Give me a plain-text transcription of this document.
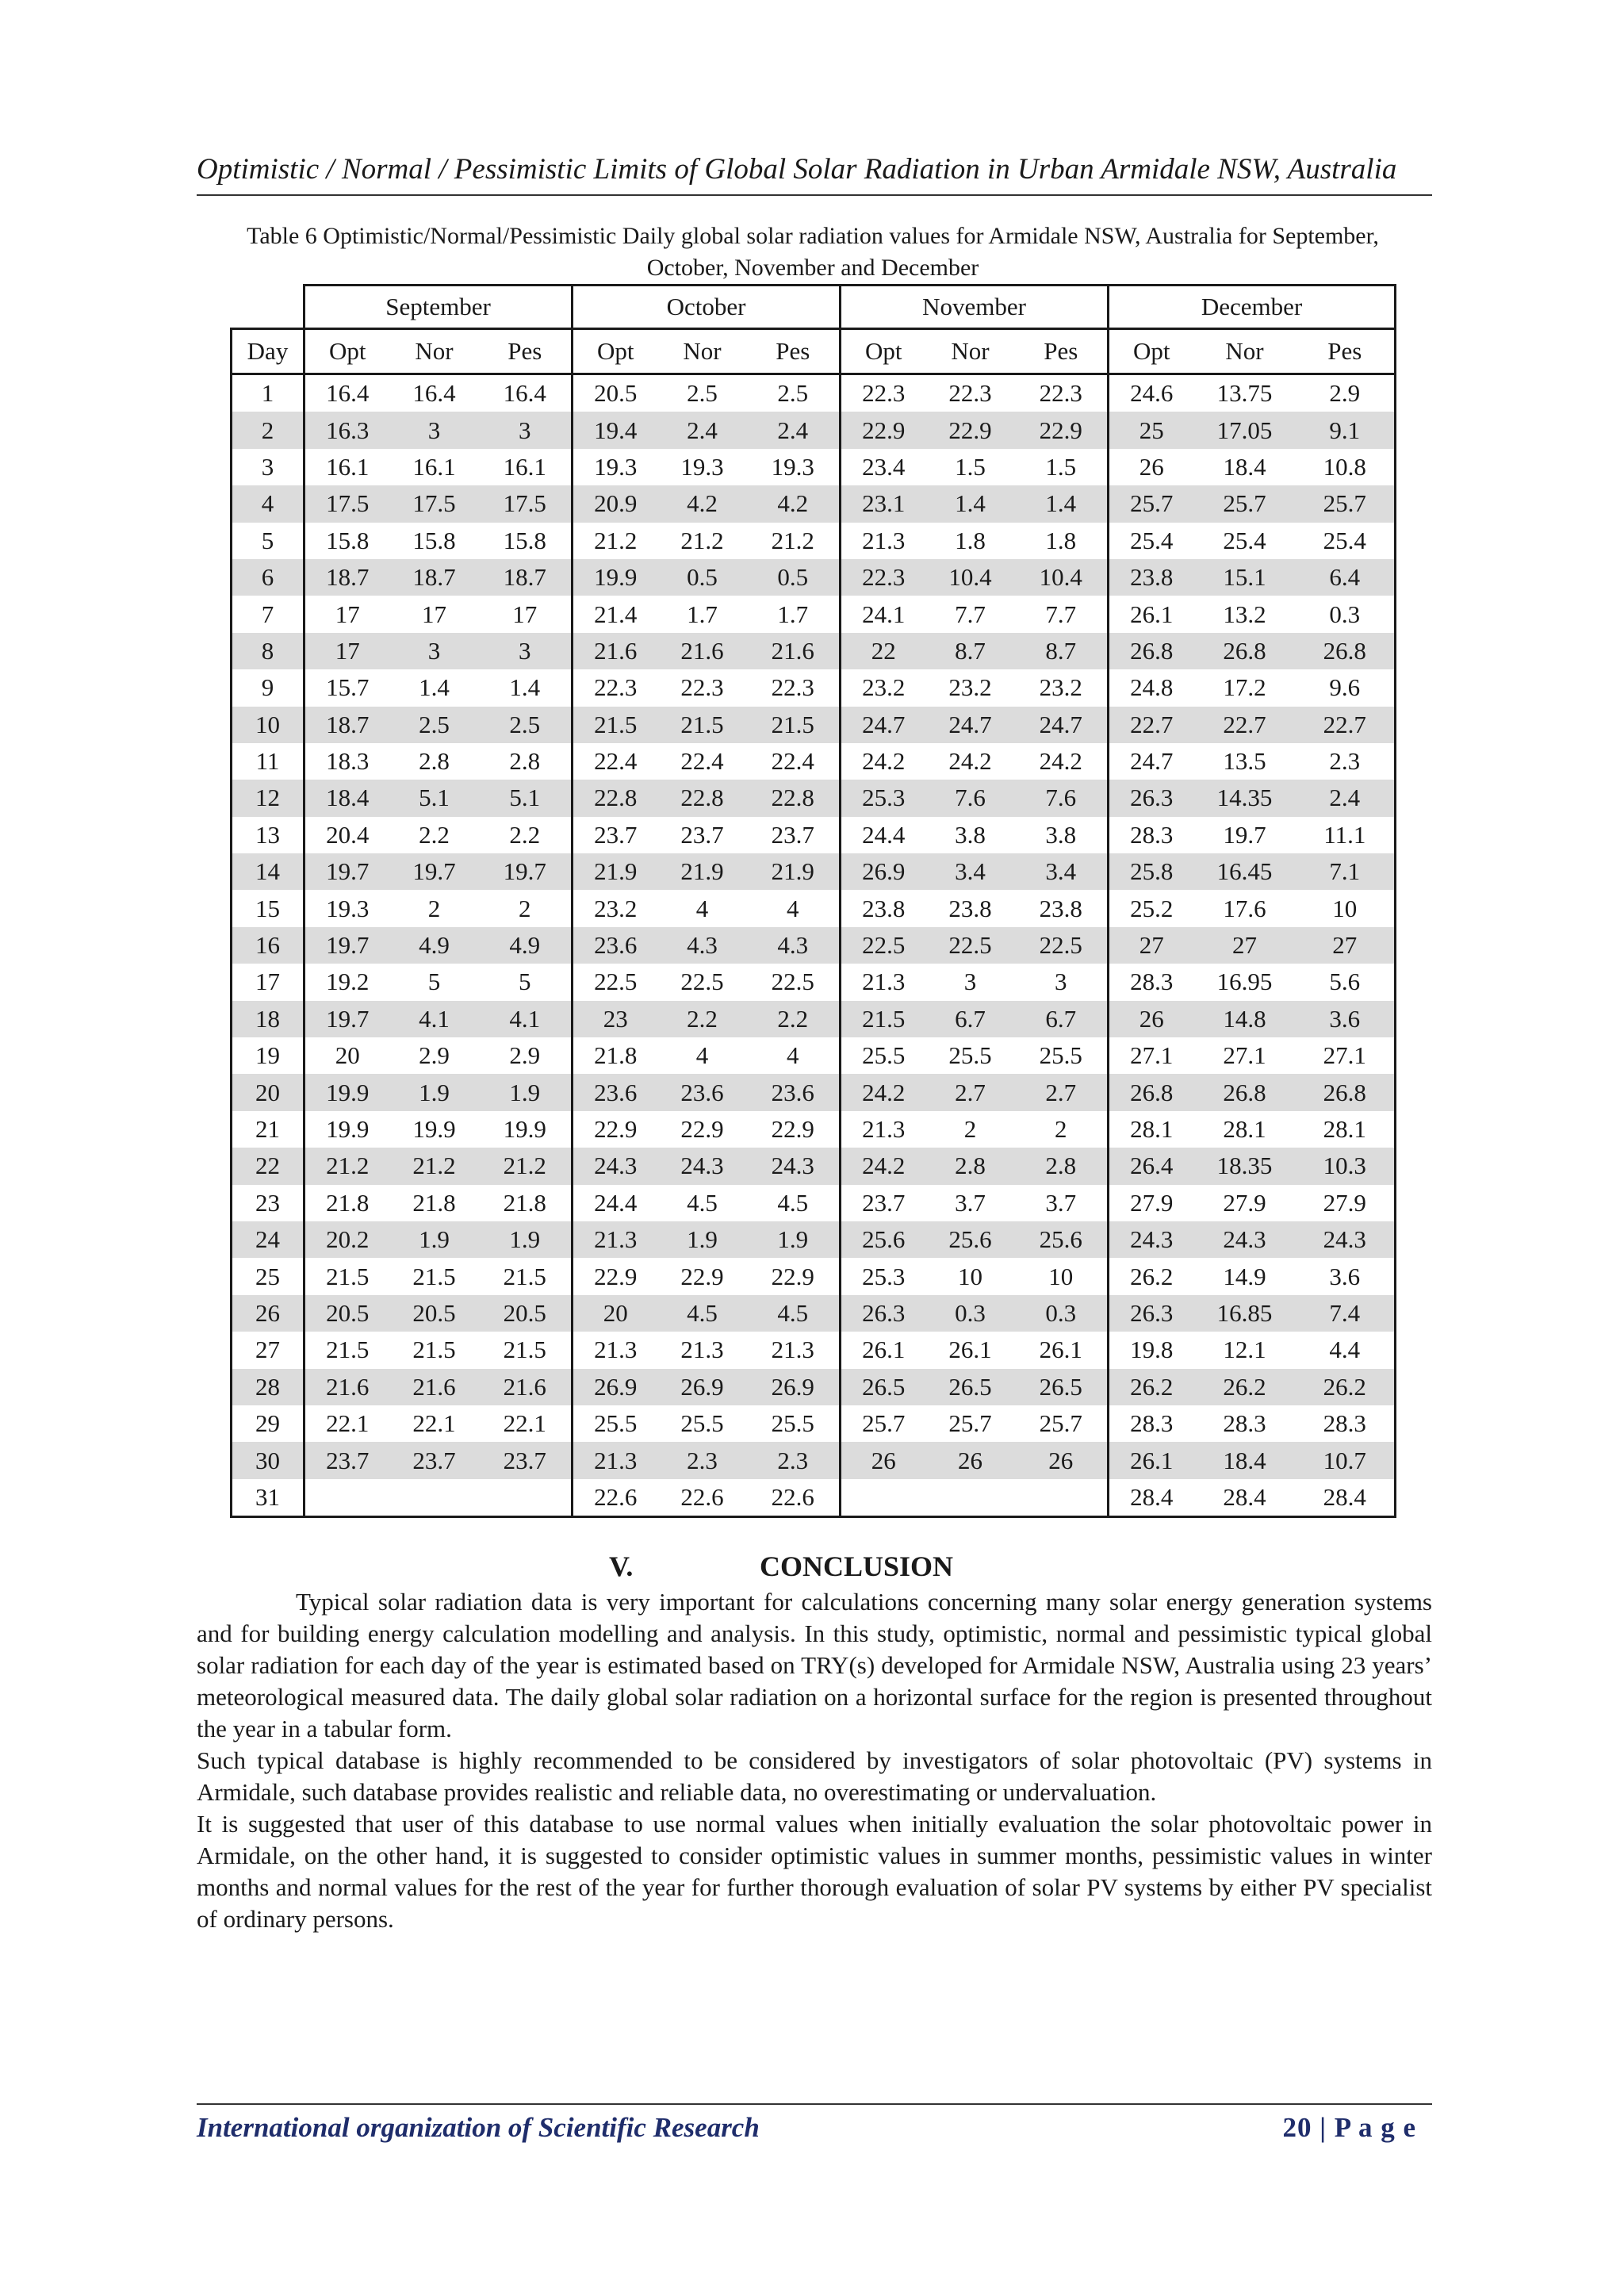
Optimistic / Normal / Pessimistic Limits of Global Solar Radiation in Urban Armidale NSW, Australia
Table 6 Optimistic/Normal/Pessimistic Daily global solar radiation values for Armidale NSW, Australia for September, October, November and December
	September			October			November			December		
Day	Opt	Nor	Pes	Opt	Nor	Pes	Opt	Nor	Pes	Opt	Nor	Pes
1	16.4	16.4	16.4	20.5	2.5	2.5	22.3	22.3	22.3	24.6	13.75	2.9
2	16.3	3	3	19.4	2.4	2.4	22.9	22.9	22.9	25	17.05	9.1
3	16.1	16.1	16.1	19.3	19.3	19.3	23.4	1.5	1.5	26	18.4	10.8
4	17.5	17.5	17.5	20.9	4.2	4.2	23.1	1.4	1.4	25.7	25.7	25.7
5	15.8	15.8	15.8	21.2	21.2	21.2	21.3	1.8	1.8	25.4	25.4	25.4
6	18.7	18.7	18.7	19.9	0.5	0.5	22.3	10.4	10.4	23.8	15.1	6.4
7	17	17	17	21.4	1.7	1.7	24.1	7.7	7.7	26.1	13.2	0.3
8	17	3	3	21.6	21.6	21.6	22	8.7	8.7	26.8	26.8	26.8
9	15.7	1.4	1.4	22.3	22.3	22.3	23.2	23.2	23.2	24.8	17.2	9.6
10	18.7	2.5	2.5	21.5	21.5	21.5	24.7	24.7	24.7	22.7	22.7	22.7
11	18.3	2.8	2.8	22.4	22.4	22.4	24.2	24.2	24.2	24.7	13.5	2.3
12	18.4	5.1	5.1	22.8	22.8	22.8	25.3	7.6	7.6	26.3	14.35	2.4
13	20.4	2.2	2.2	23.7	23.7	23.7	24.4	3.8	3.8	28.3	19.7	11.1
14	19.7	19.7	19.7	21.9	21.9	21.9	26.9	3.4	3.4	25.8	16.45	7.1
15	19.3	2	2	23.2	4	4	23.8	23.8	23.8	25.2	17.6	10
16	19.7	4.9	4.9	23.6	4.3	4.3	22.5	22.5	22.5	27	27	27
17	19.2	5	5	22.5	22.5	22.5	21.3	3	3	28.3	16.95	5.6
18	19.7	4.1	4.1	23	2.2	2.2	21.5	6.7	6.7	26	14.8	3.6
19	20	2.9	2.9	21.8	4	4	25.5	25.5	25.5	27.1	27.1	27.1
20	19.9	1.9	1.9	23.6	23.6	23.6	24.2	2.7	2.7	26.8	26.8	26.8
21	19.9	19.9	19.9	22.9	22.9	22.9	21.3	2	2	28.1	28.1	28.1
22	21.2	21.2	21.2	24.3	24.3	24.3	24.2	2.8	2.8	26.4	18.35	10.3
23	21.8	21.8	21.8	24.4	4.5	4.5	23.7	3.7	3.7	27.9	27.9	27.9
24	20.2	1.9	1.9	21.3	1.9	1.9	25.6	25.6	25.6	24.3	24.3	24.3
25	21.5	21.5	21.5	22.9	22.9	22.9	25.3	10	10	26.2	14.9	3.6
26	20.5	20.5	20.5	20	4.5	4.5	26.3	0.3	0.3	26.3	16.85	7.4
27	21.5	21.5	21.5	21.3	21.3	21.3	26.1	26.1	26.1	19.8	12.1	4.4
28	21.6	21.6	21.6	26.9	26.9	26.9	26.5	26.5	26.5	26.2	26.2	26.2
29	22.1	22.1	22.1	25.5	25.5	25.5	25.7	25.7	25.7	28.3	28.3	28.3
30	23.7	23.7	23.7	21.3	2.3	2.3	26	26	26	26.1	18.4	10.7
31				22.6	22.6	22.6				28.4	28.4	28.4
V.	CONCLUSION

Typical solar radiation data is very important for calculations concerning many solar energy generation systems and for building energy calculation modelling and analysis. In this study, optimistic, normal and pessimistic typical global solar radiation for each day of the year is estimated based on TRY(s) developed for Armidale NSW, Australia using 23 years’ meteorological measured data. The daily global solar radiation on a horizontal surface for the region is presented throughout the year in a tabular form.

Such typical database is highly recommended to be considered by investigators of solar photovoltaic (PV) systems in Armidale, such database provides realistic and reliable data, no overestimating or undervaluation.

It is suggested that user of this database to use normal values when initially evaluation the solar photovoltaic power in Armidale, on the other hand, it is suggested to consider optimistic values in summer months, pessimistic values in winter months and normal values for the rest of the year for further thorough evaluation of solar PV systems by either PV specialist of ordinary persons.

International organization of Scientific Research	20 | P a g e
